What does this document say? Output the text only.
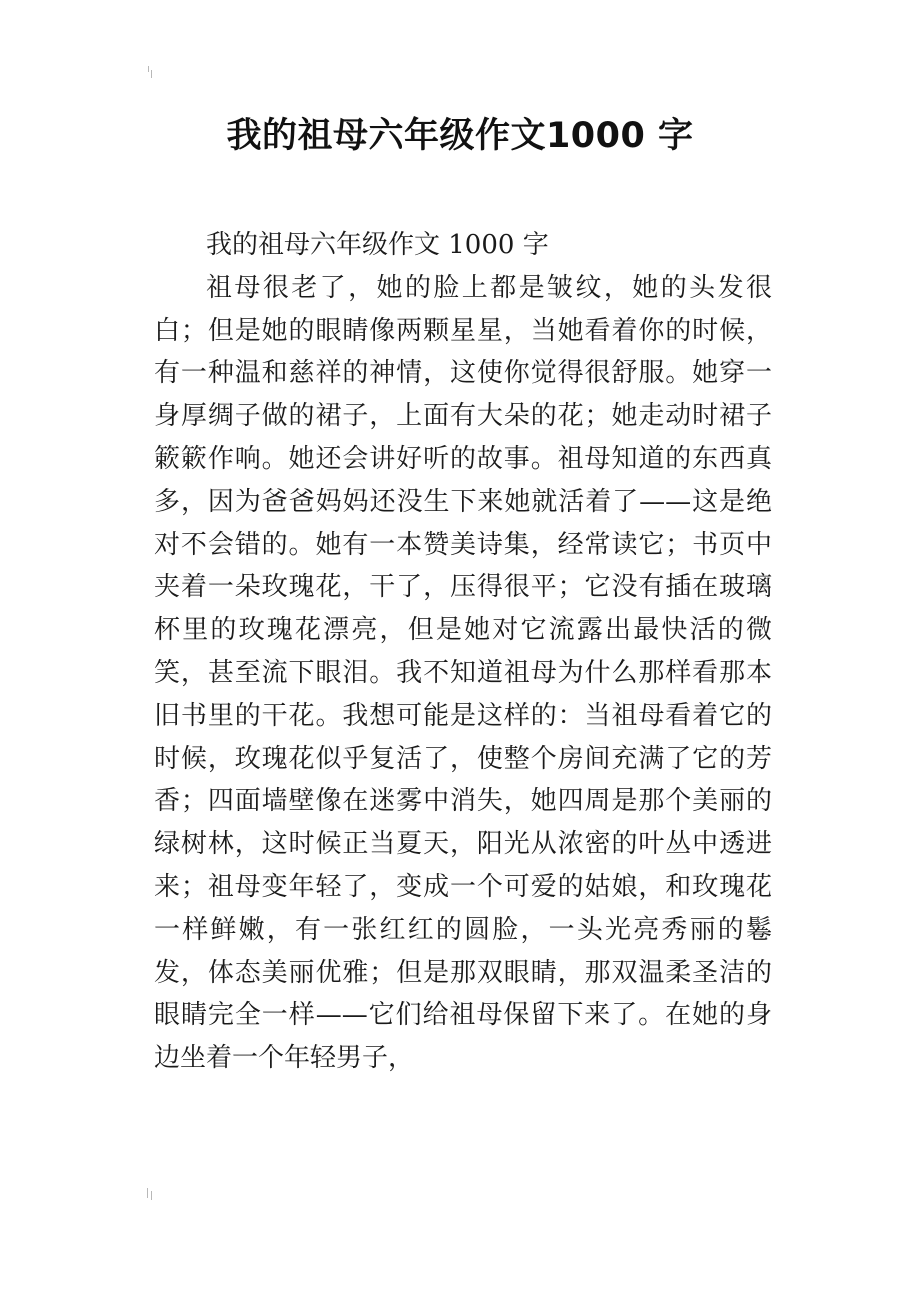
我的祖母六年级作文1000 字

我的祖母六年级作文 1000 字

祖母很老了，她的脸上都是皱纹，她的头发很白；但是她的眼睛像两颗星星，当她看着你的时候，有一种温和慈祥的神情，这使你觉得很舒服。她穿一身厚绸子做的裙子，上面有大朵的花；她走动时裙子簌簌作响。她还会讲好听的故事。祖母知道的东西真多，因为爸爸妈妈还没生下来她就活着了——这是绝对不会错的。她有一本赞美诗集，经常读它；书页中夹着一朵玫瑰花，干了，压得很平；它没有插在玻璃杯里的玫瑰花漂亮，但是她对它流露出最快活的微笑，甚至流下眼泪。我不知道祖母为什么那样看那本旧书里的干花。我想可能是这样的：当祖母看着它的时候，玫瑰花似乎复活了，使整个房间充满了它的芳香；四面墙壁像在迷雾中消失，她四周是那个美丽的绿树林，这时候正当夏天，阳光从浓密的叶丛中透进来；祖母变年轻了，变成一个可爱的姑娘，和玫瑰花一样鲜嫩，有一张红红的圆脸，一头光亮秀丽的鬈发，体态美丽优雅；但是那双眼睛，那双温柔圣洁的眼睛完全一样——它们给祖母保留下来了。在她的身边坐着一个年轻男子，
